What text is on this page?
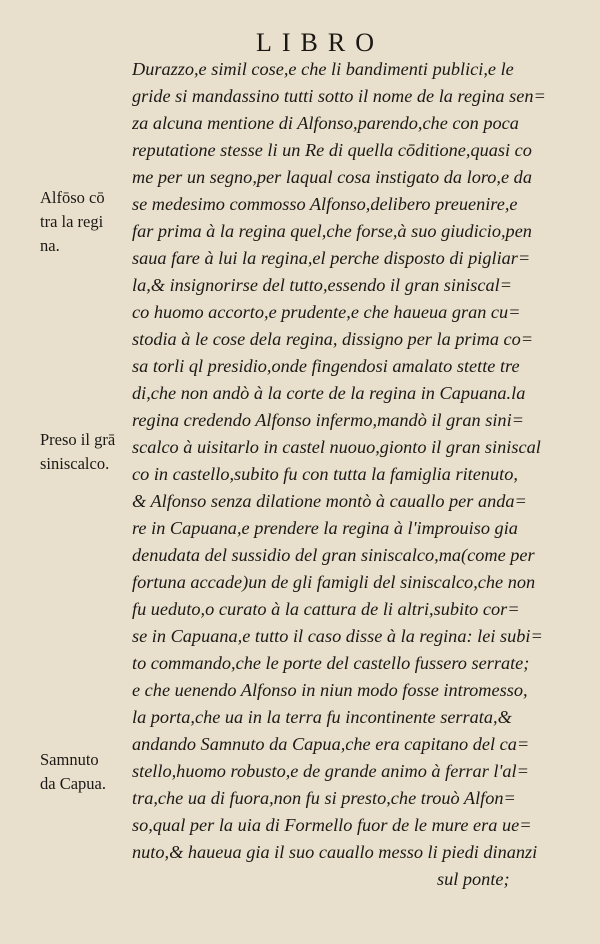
LIBRO
Durazzo,e simil cose,e che li bandimenti publici,e le
gride si mandassino tutti sotto il nome de la regina sen=
za alcuna mentione di Alfonso,parendo,che con poca
reputatione stesse li un Re di quella cōditione,quasi co
me per un segno,per laqual cosa instigato da loro,e da
se medesimo commosso Alfonso,delibero preuenire,e
far prima à la regina quel,che forse,à suo giudicio,pen
saua fare à lui la regina,el perche disposto di pigliar=
la,& insignorirse del tutto,essendo il gran siniscal=
co huomo accorto,e prudente,e che haueua gran cu=
stodia à le cose dela regina, dissigno per la prima co=
sa torli ql presidio,onde fingendosi amalato stette tre
di,che non andò à la corte de la regina in Capuana.la
regina credendo Alfonso infermo,mandò il gran sini=
scalco à uisitarlo in castel nuouo,gionto il gran siniscal
co in castello,subito fu con tutta la famiglia ritenuto,
& Alfonso senza dilatione montò à cauallo per anda=
re in Capuana,e prendere la regina à l'improuiso gia
denudata del sussidio del gran siniscalco,ma(come per
fortuna accade)un de gli famigli del siniscalco,che non
fu ueduto,o curato à la cattura de li altri,subito cor=
se in Capuana,e tutto il caso disse à la regina: lei subi=
to commando,che le porte del castello fussero serrate;
e che uenendo Alfonso in niun modo fosse intromesso,
la porta,che ua in la terra fu incontinente serrata,&
andando Samnuto da Capua,che era capitano del ca=
stello,huomo robusto,e de grande animo à ferrar l'al=
tra,che ua di fuora,non fu si presto,che trouò Alfon=
so,qual per la uia di Formello fuor de le mure era ue=
nuto,& haueua gia il suo cauallo messo li piedi dinanzi
sul ponte;
Alfōso cō
tra la regi
na.
Preso il grā
siniscalco.
Samnuto
da Capua.
